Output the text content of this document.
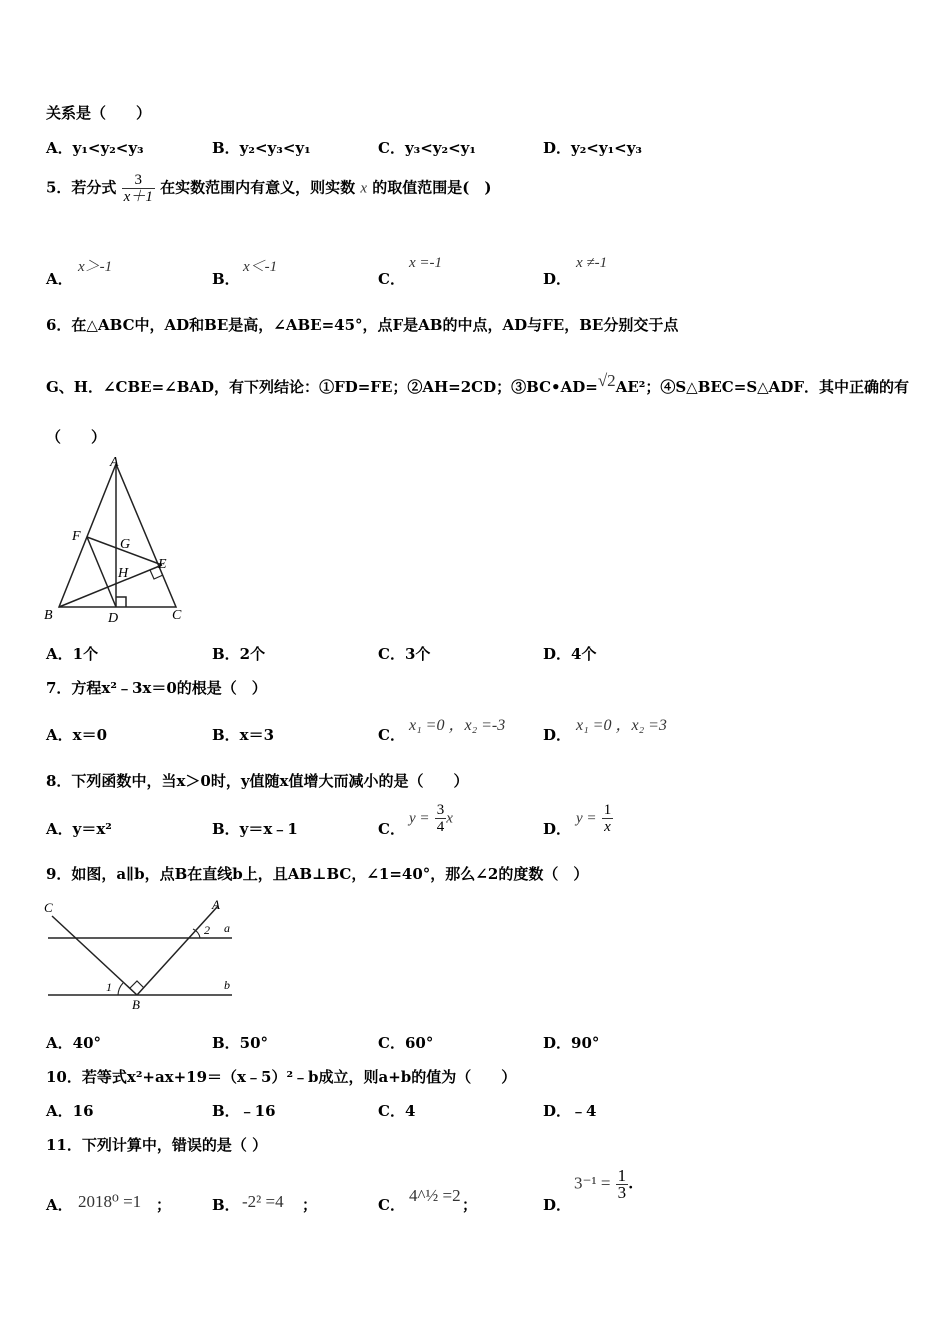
关系是（　　）
A．y₁<y₂<y₃	B．y₂<y₃<y₁	C．y₃<y₂<y₁	D．y₂<y₁<y₃
5．若分式 $\frac{3}{x+1}$ 在实数范围内有意义，则实数 x 的取值范围是(　)
A．
x＞-1
B．
x＜-1
C．
x =-1
D．
x ≠-1
6．在△ABC中，AD和BE是高，∠ABE=45°，点F是AB的中点，AD与FE，BE分别交于点
G、H．∠CBE=∠BAD，有下列结论：①FD=FE；②AH=2CD；③BC•AD=√2AE²；④S△BEC=S△ADF．其中正确的有
（　　）
A
F
G
E
H
B	D	C
A．1个	B．2个	C．3个	D．4个
7．方程x²﹣3x＝0的根是（　）
A．x＝0	B．x＝3	C．
x₁ =0 ，x₂ =-3
D．
x₁ =0 ，x₂ =3
8．下列函数中，当x＞0时，y值随x值增大而减小的是（　　）
A．y＝x²	B．y＝x﹣1	C．
$y = \frac{3}{4}$ x
D．
$y = \frac{1}{x}$
9．如图，a∥b，点B在直线b上，且AB⊥BC，∠1=40°，那么∠2的度数（　）
C	A
2 a
1
B
b
A．40°	B．50°	C．60°	D．90°
10．若等式x²+ax+19＝（x﹣5）²﹣b成立，则a+b的值为（　　）
A．16	B．﹣16	C．4	D．﹣4
11．下列计算中，错误的是（ ）
A． 2018⁰ =1 ；	B． -2² =4 ；	C． 4^½ =2 ；	D．
$3^{-1} = \frac{1}{3}$ .
